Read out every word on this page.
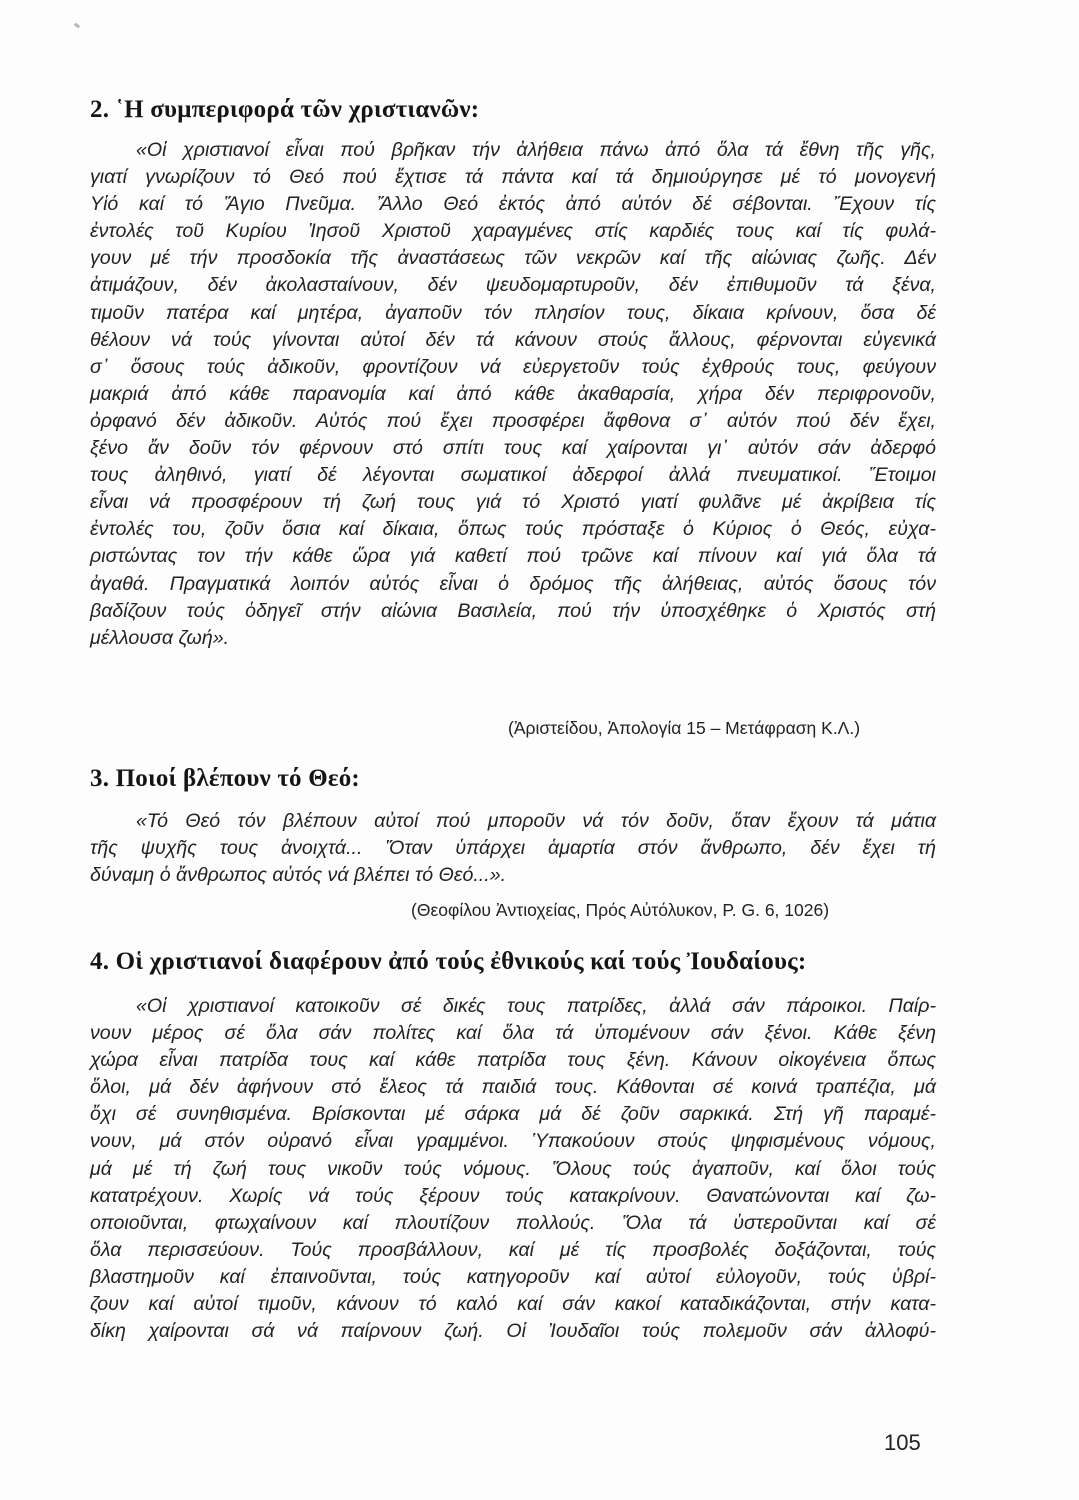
2. ῾Η συμπεριφορά τῶν χριστιανῶν:
«Οἱ χριστιανοί εἶναι πού βρῆκαν τήν ἀλήθεια πάνω ἀπό ὅλα τά ἔθνη τῆς γῆς,
γιατί γνωρίζουν τό Θεό πού ἔχτισε τά πάντα καί τά δημιούργησε μέ τό μονογενή
Υἱό καί τό Ἅγιο Πνεῦμα. Ἄλλο Θεό ἐκτός ἀπό αὐτόν δέ σέβονται. Ἔχουν τίς
ἐντολές τοῦ Κυρίου Ἰησοῦ Χριστοῦ χαραγμένες στίς καρδιές τους καί τίς φυλά-
γουν μέ τήν προσδοκία τῆς ἀναστάσεως τῶν νεκρῶν καί τῆς αἰώνιας ζωῆς. Δέν
ἀτιμάζουν, δέν ἀκολασταίνουν, δέν ψευδομαρτυροῦν, δέν ἐπιθυμοῦν τά ξένα,
τιμοῦν πατέρα καί μητέρα, ἀγαποῦν τόν πλησίον τους, δίκαια κρίνουν, ὅσα δέ
θέλουν νά τούς γίνονται αὐτοί δέν τά κάνουν στούς ἄλλους, φέρνονται εὐγενικά
σ᾽ ὅσους τούς ἀδικοῦν, φροντίζουν νά εὐεργετοῦν τούς ἐχθρούς τους, φεύγουν
μακριά ἀπό κάθε παρανομία καί ἀπό κάθε ἀκαθαρσία, χήρα δέν περιφρονοῦν,
ὀρφανό δέν ἀδικοῦν. Αὐτός πού ἔχει προσφέρει ἄφθονα σ᾽ αὐτόν πού δέν ἔχει,
ξένο ἄν δοῦν τόν φέρνουν στό σπίτι τους καί χαίρονται γι᾽ αὐτόν σάν ἀδερφό
τους ἀληθινό, γιατί δέ λέγονται σωματικοί ἀδερφοί ἀλλά πνευματικοί. Ἕτοιμοι
εἶναι νά προσφέρουν τή ζωή τους γιά τό Χριστό γιατί φυλᾶνε μέ ἀκρίβεια τίς
ἐντολές του, ζοῦν ὅσια καί δίκαια, ὅπως τούς πρόσταξε ὁ Κύριος ὁ Θεός, εὐχα-
ριστώντας τον τήν κάθε ὥρα γιά καθετί πού τρῶνε καί πίνουν καί γιά ὅλα τά
ἀγαθά. Πραγματικά λοιπόν αὐτός εἶναι ὁ δρόμος τῆς ἀλήθειας, αὐτός ὅσους τόν
βαδίζουν τούς ὁδηγεῖ στήν αἰώνια Βασιλεία, πού τήν ὑποσχέθηκε ὁ Χριστός στή
μέλλουσα ζωή».
(Ἀριστείδου, Ἀπολογία 15 – Μετάφραση Κ.Λ.)
3. Ποιοί βλέπουν τό Θεό:
«Τό Θεό τόν βλέπουν αὐτοί πού μποροῦν νά τόν δοῦν, ὅταν ἔχουν τά μάτια
τῆς ψυχῆς τους ἀνοιχτά... Ὅταν ὑπάρχει ἁμαρτία στόν ἄνθρωπο, δέν ἔχει τή
δύναμη ὁ ἄνθρωπος αὐτός νά βλέπει τό Θεό...».
(Θεοφίλου Ἀντιοχείας, Πρός Αὐτόλυκον, P. G. 6, 1026)
4. Οἱ χριστιανοί διαφέρουν ἀπό τούς ἐθνικούς καί τούς Ἰουδαίους:
«Οἱ χριστιανοί κατοικοῦν σέ δικές τους πατρίδες, ἀλλά σάν πάροικοι. Παίρ-
νουν μέρος σέ ὅλα σάν πολίτες καί ὅλα τά ὑπομένουν σάν ξένοι. Κάθε ξένη
χώρα εἶναι πατρίδα τους καί κάθε πατρίδα τους ξένη. Κάνουν οἰκογένεια ὅπως
ὅλοι, μά δέν ἀφήνουν στό ἔλεος τά παιδιά τους. Κάθονται σέ κοινά τραπέζια, μά
ὄχι σέ συνηθισμένα. Βρίσκονται μέ σάρκα μά δέ ζοῦν σαρκικά. Στή γῆ παραμέ-
νουν, μά στόν οὐρανό εἶναι γραμμένοι. Ὑπακούουν στούς ψηφισμένους νόμους,
μά μέ τή ζωή τους νικοῦν τούς νόμους. Ὅλους τούς ἀγαποῦν, καί ὅλοι τούς
κατατρέχουν. Χωρίς νά τούς ξέρουν τούς κατακρίνουν. Θανατώνονται καί ζω-
οποιοῦνται, φτωχαίνουν καί πλουτίζουν πολλούς. Ὅλα τά ὑστεροῦνται καί σέ
ὅλα περισσεύουν. Τούς προσβάλλουν, καί μέ τίς προσβολές δοξάζονται, τούς
βλαστημοῦν καί ἐπαινοῦνται, τούς κατηγοροῦν καί αὐτοί εὐλογοῦν, τούς ὑβρί-
ζουν καί αὐτοί τιμοῦν, κάνουν τό καλό καί σάν κακοί καταδικάζονται, στήν κατα-
δίκη χαίρονται σά νά παίρνουν ζωή. Οἱ Ἰουδαῖοι τούς πολεμοῦν σάν ἀλλοφύ-
105
